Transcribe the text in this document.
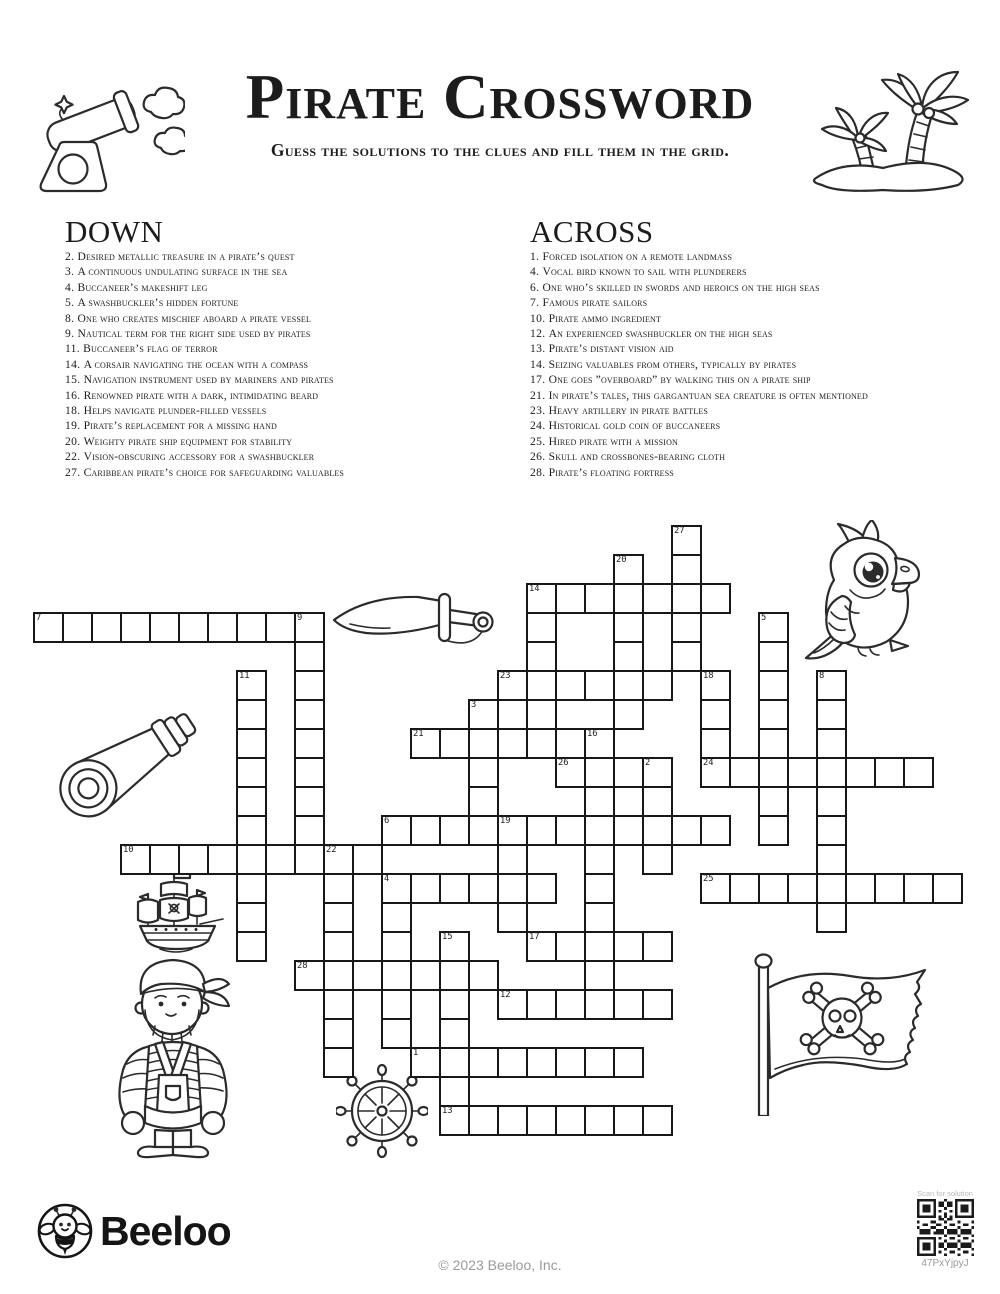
Pirate Crossword
Guess the solutions to the clues and fill them in the grid.
1
2
3
4
5
6
7
8
9
10
11
12
13
14
15
16
17
18
19
20
21
22
23
24
25
26
27
28
Beeloo
© 2023 Beeloo, Inc.
Scan for solution
47PxYjpyJ
DOWN
2. Desired metallic treasure in a pirate’s quest
3. A continuous undulating surface in the sea
4. Buccaneer’s makeshift leg
5. A swashbuckler’s hidden fortune
8. One who creates mischief aboard a pirate vessel
9. Nautical term for the right side used by pirates
11. Buccaneer’s flag of terror
14. A corsair navigating the ocean with a compass
15. Navigation instrument used by mariners and pirates
16. Renowned pirate with a dark, intimidating beard
18. Helps navigate plunder-filled vessels
19. Pirate’s replacement for a missing hand
20. Weighty pirate ship equipment for stability
22. Vision-obscuring accessory for a swashbuckler
27. Caribbean pirate’s choice for safeguarding valuables
ACROSS
1. Forced isolation on a remote landmass
4. Vocal bird known to sail with plunderers
6. One who’s skilled in swords and heroics on the high seas
7. Famous pirate sailors
10. Pirate ammo ingredient
12. An experienced swashbuckler on the high seas
13. Pirate’s distant vision aid
14. Seizing valuables from others, typically by pirates
17. One goes ”overboard” by walking this on a pirate ship
21. In pirate’s tales, this gargantuan sea creature is often mentioned
23. Heavy artillery in pirate battles
24. Historical gold coin of buccaneers
25. Hired pirate with a mission
26. Skull and crossbones-bearing cloth
28. Pirate’s floating fortress
